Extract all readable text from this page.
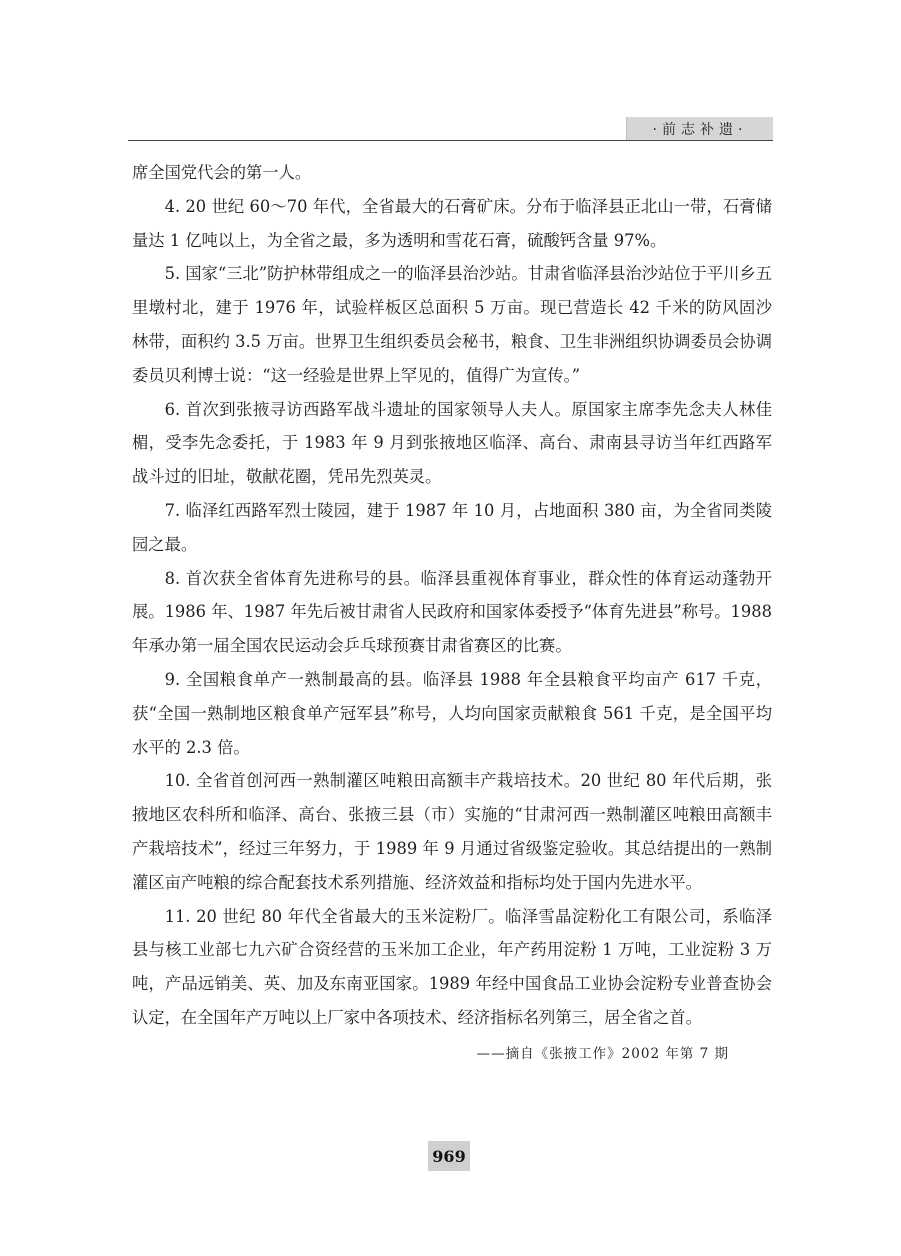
·前志补遗·

席全国党代会的第一人。

4. 20 世纪 60～70 年代，全省最大的石膏矿床。分布于临泽县正北山一带，石膏储量达 1 亿吨以上，为全省之最，多为透明和雪花石膏，硫酸钙含量 97%。

5. 国家“三北”防护林带组成之一的临泽县治沙站。甘肃省临泽县治沙站位于平川乡五里墩村北，建于 1976 年，试验样板区总面积 5 万亩。现已营造长 42 千米的防风固沙林带，面积约 3.5 万亩。世界卫生组织委员会秘书，粮食、卫生非洲组织协调委员会协调委员贝利博士说：“这一经验是世界上罕见的，值得广为宣传。”

6. 首次到张掖寻访西路军战斗遗址的国家领导人夫人。原国家主席李先念夫人林佳楣，受李先念委托，于 1983 年 9 月到张掖地区临泽、高台、肃南县寻访当年红西路军战斗过的旧址，敬献花圈，凭吊先烈英灵。

7. 临泽红西路军烈士陵园，建于 1987 年 10 月，占地面积 380 亩，为全省同类陵园之最。

8. 首次获全省体育先进称号的县。临泽县重视体育事业，群众性的体育运动蓬勃开展。1986 年、1987 年先后被甘肃省人民政府和国家体委授予“体育先进县”称号。1988 年承办第一届全国农民运动会乒乓球预赛甘肃省赛区的比赛。

9. 全国粮食单产一熟制最高的县。临泽县 1988 年全县粮食平均亩产 617 千克，获“全国一熟制地区粮食单产冠军县”称号，人均向国家贡献粮食 561 千克，是全国平均水平的 2.3 倍。

10. 全省首创河西一熟制灌区吨粮田高额丰产栽培技术。20 世纪 80 年代后期，张掖地区农科所和临泽、高台、张掖三县（市）实施的“甘肃河西一熟制灌区吨粮田高额丰产栽培技术”，经过三年努力，于 1989 年 9 月通过省级鉴定验收。其总结提出的一熟制灌区亩产吨粮的综合配套技术系列措施、经济效益和指标均处于国内先进水平。

11. 20 世纪 80 年代全省最大的玉米淀粉厂。临泽雪晶淀粉化工有限公司，系临泽县与核工业部七九六矿合资经营的玉米加工企业，年产药用淀粉 1 万吨，工业淀粉 3 万吨，产品远销美、英、加及东南亚国家。1989 年经中国食品工业协会淀粉专业普查协会认定，在全国年产万吨以上厂家中各项技术、经济指标名列第三，居全省之首。

——摘自《张掖工作》2002 年第 7 期
969
